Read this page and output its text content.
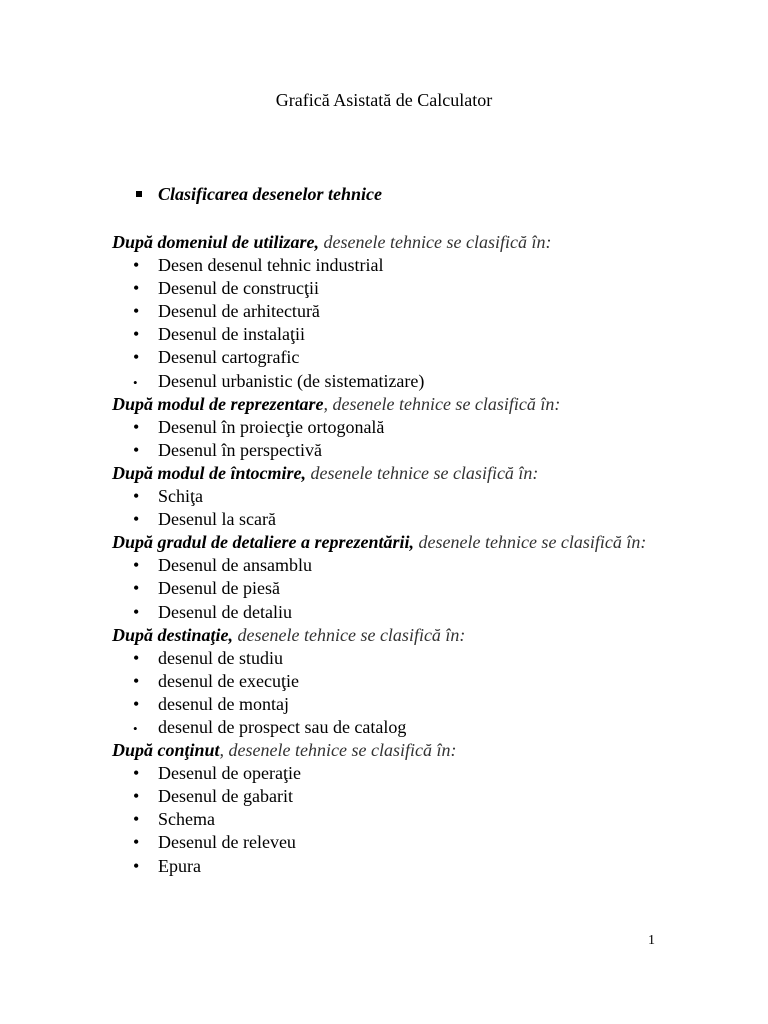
Grafică Asistată de Calculator
Clasificarea desenelor tehnice

După domeniul de utilizare, desenele tehnice se clasifică în:

• Desen desenul tehnic industrial
• Desenul de construcţii
• Desenul de arhitectură
• Desenul de instalaţii
• Desenul cartografic
• Desenul urbanistic (de sistematizare)

După modul de reprezentare, desenele tehnice se clasifică în:

• Desenul în proiecţie ortogonală
• Desenul în perspectivă

După modul de întocmire, desenele tehnice se clasifică în:

• Schiţa
• Desenul la scară

După gradul de detaliere a reprezentării, desenele tehnice se clasifică în:

• Desenul de ansamblu
• Desenul de piesă
• Desenul de detaliu

După destinaţie, desenele tehnice se clasifică în:

• desenul de studiu
• desenul de execuţie
• desenul de montaj
• desenul de prospect sau de catalog

După conţinut, desenele tehnice se clasifică în:

• Desenul de operaţie
• Desenul de gabarit
• Schema
• Desenul de releveu
• Epura
1
